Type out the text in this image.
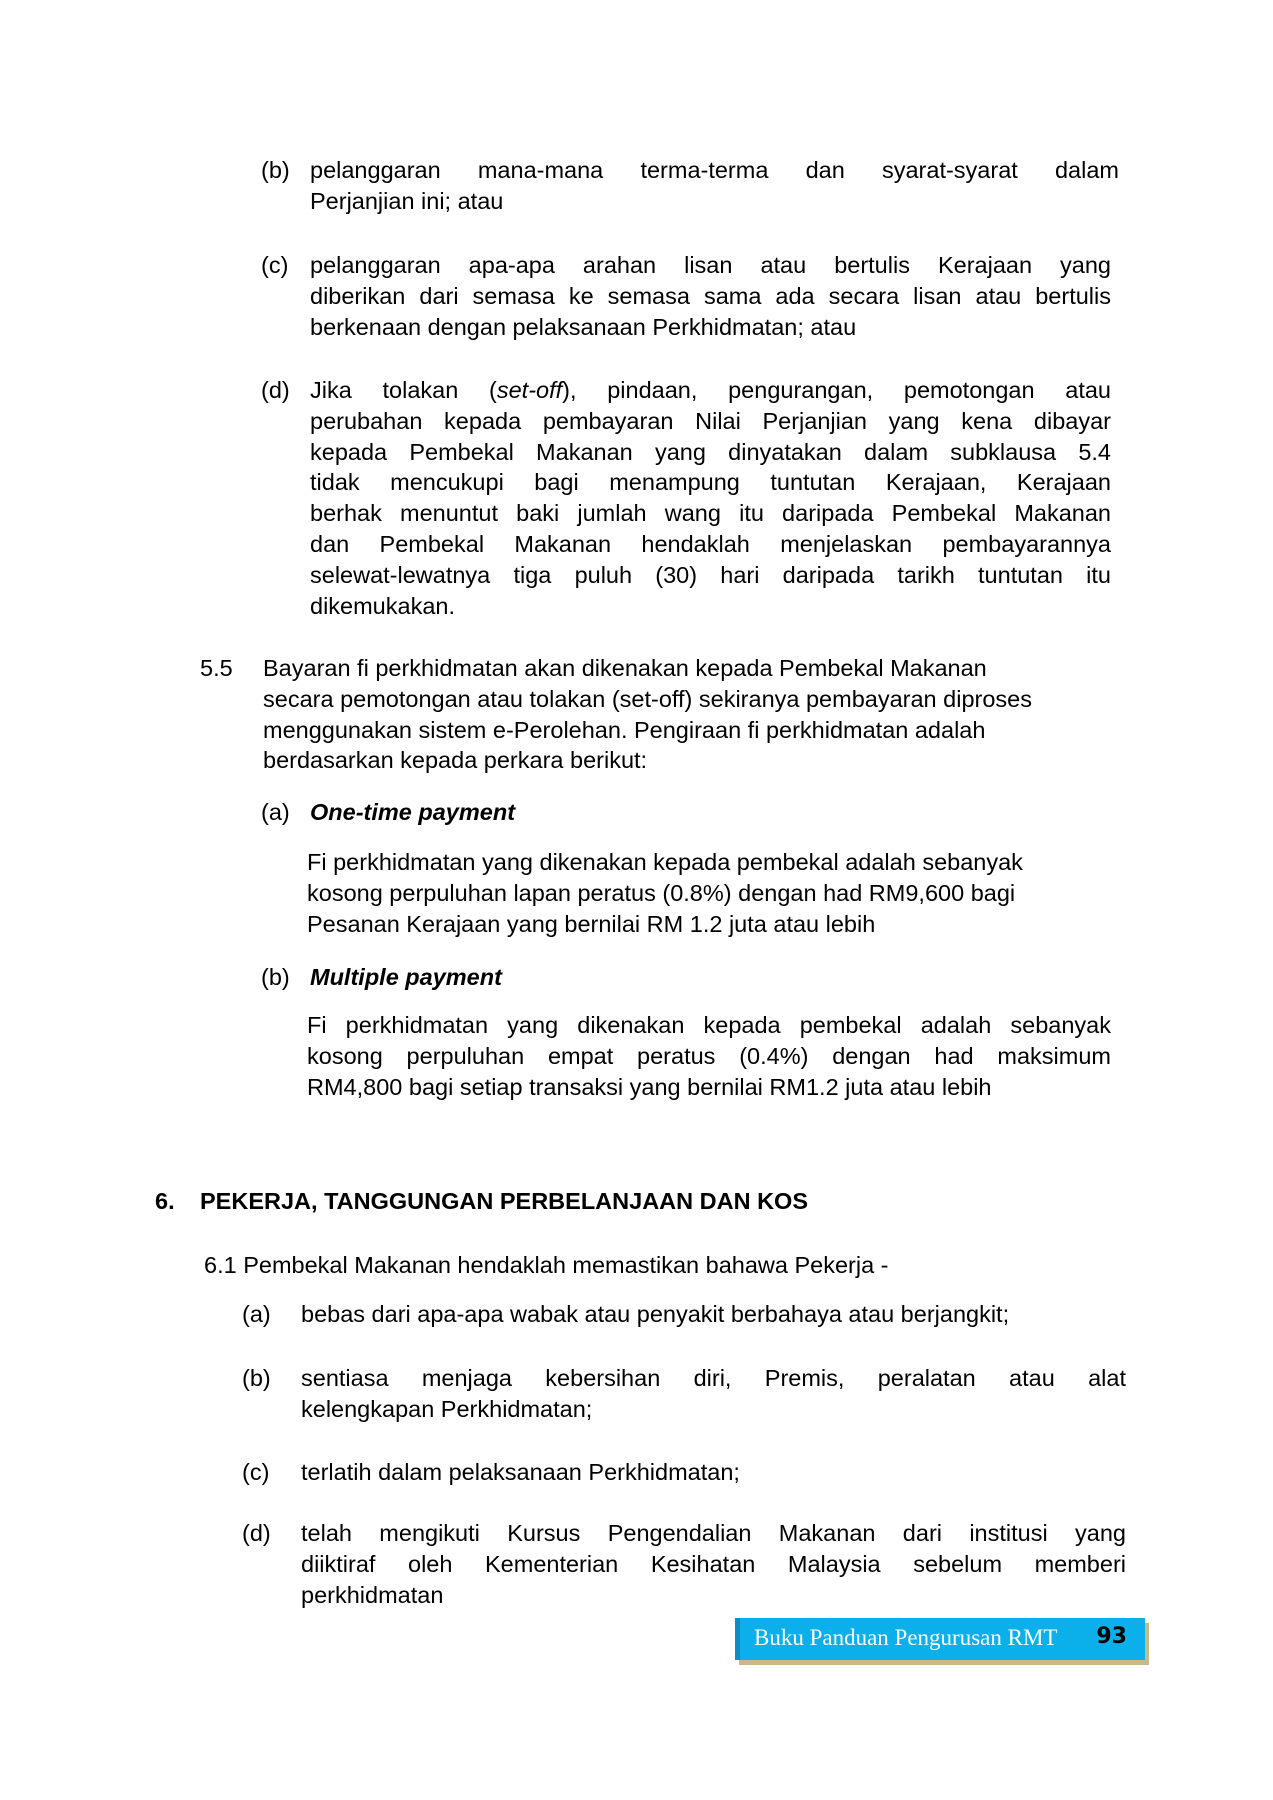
(b) pelanggaran mana-mana terma-terma dan syarat-syarat dalam
Perjanjian ini; atau
(c) pelanggaran apa-apa arahan lisan atau bertulis Kerajaan yang
diberikan dari semasa ke semasa sama ada secara lisan atau bertulis
berkenaan dengan pelaksanaan Perkhidmatan; atau
(d) Jika tolakan (set-off), pindaan, pengurangan, pemotongan atau
perubahan kepada pembayaran Nilai Perjanjian yang kena dibayar
kepada Pembekal Makanan yang dinyatakan dalam subklausa 5.4
tidak mencukupi bagi menampung tuntutan Kerajaan, Kerajaan
berhak menuntut baki jumlah wang itu daripada Pembekal Makanan
dan Pembekal Makanan hendaklah menjelaskan pembayarannya
selewat-lewatnya tiga puluh (30) hari daripada tarikh tuntutan itu
dikemukakan.
5.5 Bayaran fi perkhidmatan akan dikenakan kepada Pembekal Makanan
secara pemotongan atau tolakan (set-off) sekiranya pembayaran diproses
menggunakan sistem e-Perolehan. Pengiraan fi perkhidmatan adalah
berdasarkan kepada perkara berikut:
(a) One-time payment
Fi perkhidmatan yang dikenakan kepada pembekal adalah sebanyak
kosong perpuluhan lapan peratus (0.8%) dengan had RM9,600 bagi
Pesanan Kerajaan yang bernilai RM 1.2 juta atau lebih
(b) Multiple payment
Fi perkhidmatan yang dikenakan kepada pembekal adalah sebanyak
kosong perpuluhan empat peratus (0.4%) dengan had maksimum
RM4,800 bagi setiap transaksi yang bernilai RM1.2 juta atau lebih
6. PEKERJA, TANGGUNGAN PERBELANJAAN DAN KOS
6.1 Pembekal Makanan hendaklah memastikan bahawa Pekerja -
(a) bebas dari apa-apa wabak atau penyakit berbahaya atau berjangkit;
(b) sentiasa menjaga kebersihan diri, Premis, peralatan atau alat
kelengkapan Perkhidmatan;
(c) terlatih dalam pelaksanaan Perkhidmatan;
(d) telah mengikuti Kursus Pengendalian Makanan dari institusi yang
diiktiraf oleh Kementerian Kesihatan Malaysia sebelum memberi
perkhidmatan
Buku Panduan Pengurusan RMT 93
